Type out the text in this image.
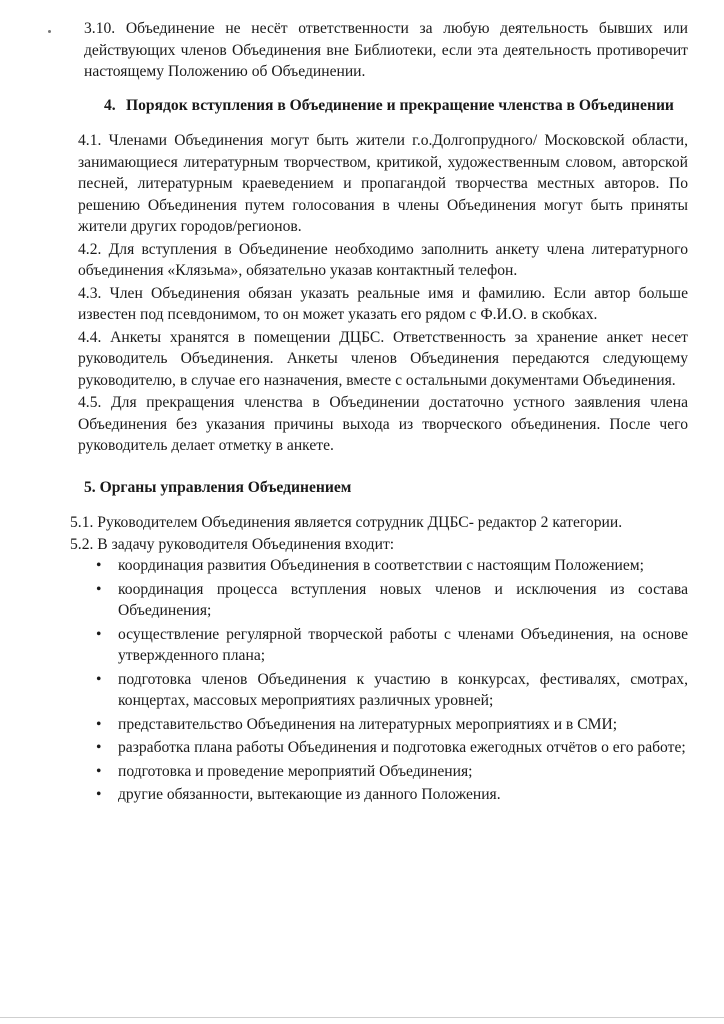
3.10. Объединение не несёт ответственности за любую деятельность бывших или действующих членов Объединения вне Библиотеки, если эта деятельность противоречит настоящему Положению об Объединении.

4. Порядок вступления в Объединение и прекращение членства в Объединении

4.1. Членами Объединения могут быть жители г.о.Долгопрудного/ Московской области, занимающиеся литературным творчеством, критикой, художественным словом, авторской песней, литературным краеведением и пропагандой творчества местных авторов. По решению Объединения путем голосования в члены Объединения могут быть приняты жители других городов/регионов.

4.2. Для вступления в Объединение необходимо заполнить анкету члена литературного объединения «Клязьма», обязательно указав контактный телефон.

4.3. Член Объединения обязан указать реальные имя и фамилию. Если автор больше известен под псевдонимом, то он может указать его рядом с Ф.И.О. в скобках.

4.4. Анкеты хранятся в помещении ДЦБС. Ответственность за хранение анкет несет руководитель Объединения. Анкеты членов Объединения передаются следующему руководителю, в случае его назначения, вместе с остальными документами Объединения.

4.5. Для прекращения членства в Объединении достаточно устного заявления члена Объединения без указания причины выхода из творческого объединения. После чего руководитель делает отметку в анкете.

5. Органы управления Объединением

5.1. Руководителем Объединения является сотрудник ДЦБС- редактор 2 категории.

5.2. В задачу руководителя Объединения входит:

•	координация развития Объединения в соответствии с настоящим Положением;
•	координация процесса вступления новых членов и исключения из состава Объединения;
•	осуществление регулярной творческой работы с членами Объединения, на основе утвержденного плана;
•	подготовка членов Объединения к участию в конкурсах, фестивалях, смотрах, концертах, массовых мероприятиях различных уровней;
•	представительство Объединения на литературных мероприятиях и в СМИ;
•	разработка плана работы Объединения и подготовка ежегодных отчётов о его работе;
•	подготовка и проведение мероприятий Объединения;
•	другие обязанности, вытекающие из данного Положения.
